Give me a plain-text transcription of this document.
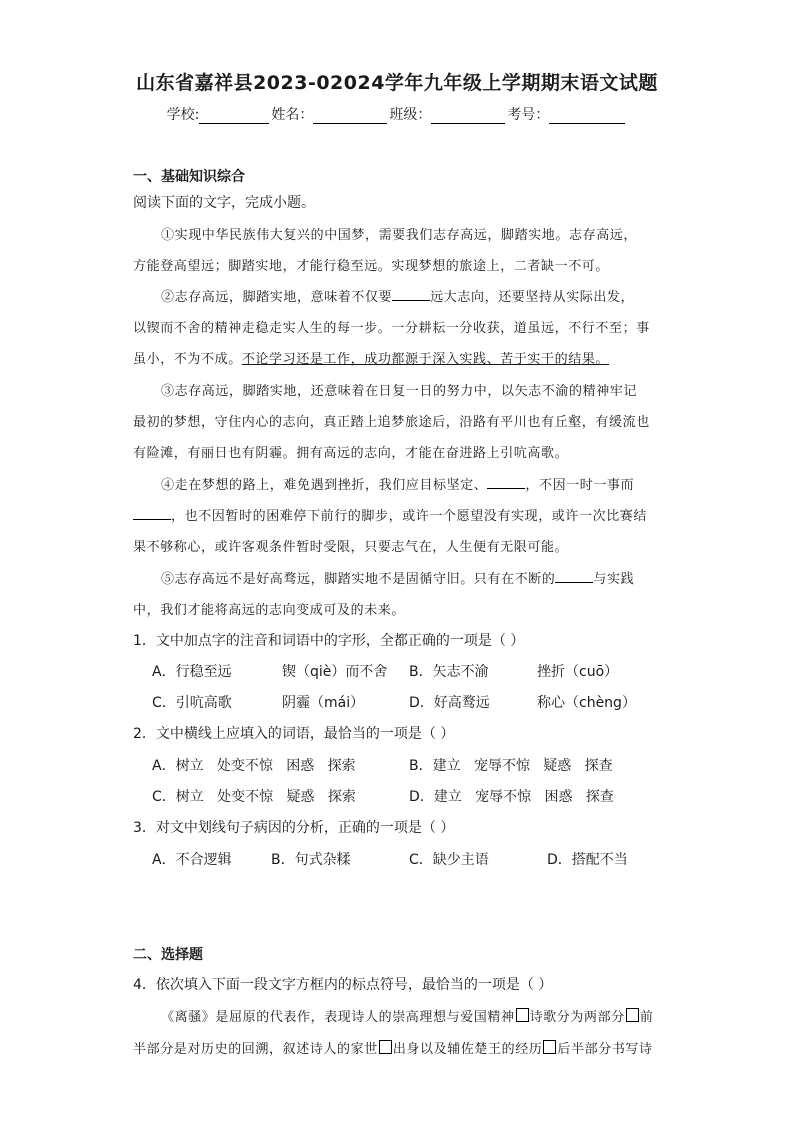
山东省嘉祥县2023-02024学年九年级上学期期末语文试题
学校:	姓名：	班级：	考号：
一、基础知识综合
阅读下面的文字，完成小题。
①实现中华民族伟大复兴的中国梦，需要我们志存高远，脚踏实地。志存高远，
方能登高望远；脚踏实地，才能行稳至远。实现梦想的旅途上，二者缺一不可。
②志存高远，脚踏实地，意味着不仅要	远大志向，还要坚持从实际出发，
以锲而不舍的精神走稳走实人生的每一步。一分耕耘一分收获，道虽远，不行不至；事
虽小，不为不成。不论学习还是工作，成功都源于深入实践、苦于实干的结果。
③志存高远，脚踏实地，还意味着在日复一日的努力中，以矢志不渝的精神牢记
最初的梦想，守住内心的志向，真正踏上追梦旅途后，沿路有平川也有丘壑，有缓流也
有险滩，有丽日也有阴霾。拥有高远的志向，才能在奋进路上引吭高歌。
④走在梦想的路上，难免遇到挫折，我们应目标坚定、	，不因一时一事而
，也不因暂时的困难停下前行的脚步，或许一个愿望没有实现，或许一次比赛结
果不够称心，或许客观条件暂时受限，只要志气在，人生便有无限可能。
⑤志存高远不是好高骛远，脚踏实地不是固循守旧。只有在不断的	与实践
中，我们才能将高远的志向变成可及的未来。
1．文中加点字的注音和词语中的字形，全都正确的一项是（ ）
A．行稳至远	锲（qiè）而不舍 B．矢志不渝	挫折（cuō）
C．引吭高歌	阴霾（mái）	D．好高鹜远	称心（chèng）
2．文中横线上应填入的词语，最恰当的一项是（ ）
A．树立   处变不惊   困惑   探索	B．建立   宠辱不惊   疑惑   探查
C．树立   处变不惊   疑惑   探索	D．建立   宠辱不惊   困惑   探查
3．对文中划线句子病因的分析，正确的一项是（ ）
A．不合逻辑	B．句式杂糅	C．缺少主语	D．搭配不当
二、选择题
4．依次填入下面一段文字方框内的标点符号，最恰当的一项是（ ）
《离骚》是屈原的代表作，表现诗人的崇高理想与爱国精神 诗歌分为两部分 前
半部分是对历史的回溯，叙述诗人的家世 出身以及辅佐楚王的经历 后半部分书写诗
